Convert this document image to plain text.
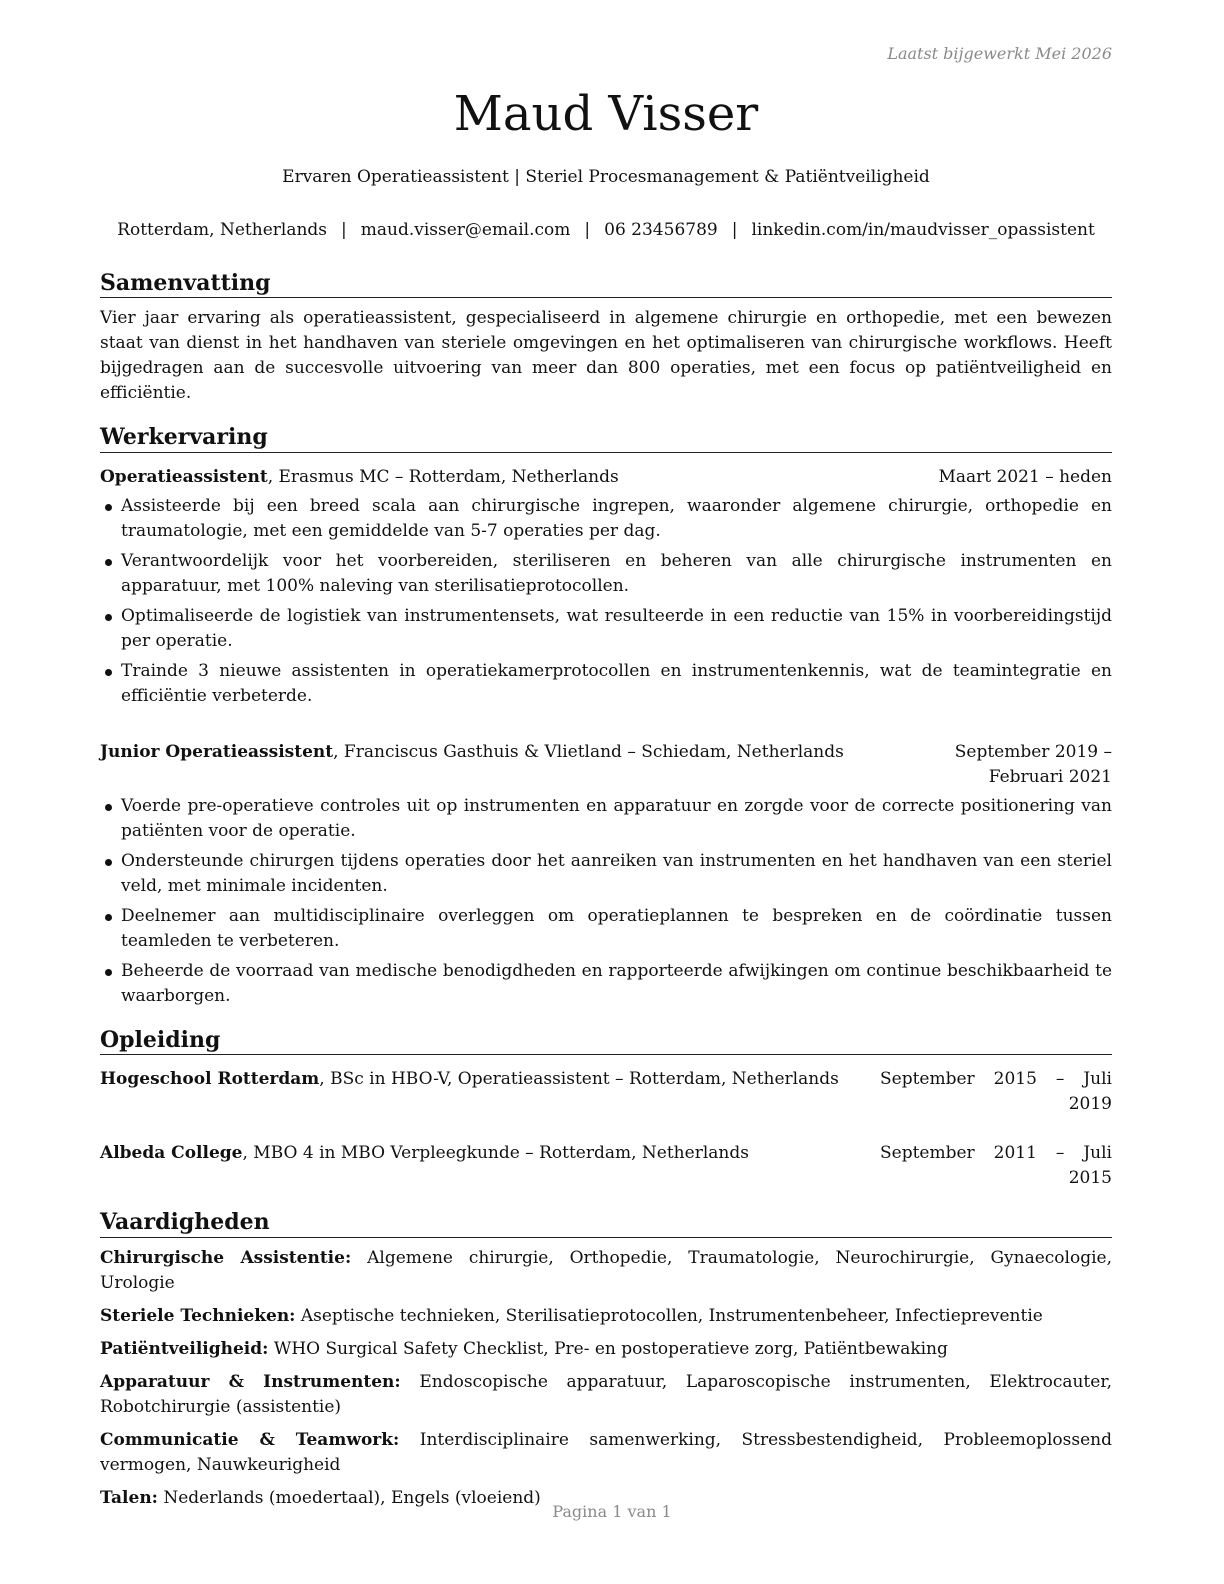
Laatst bijgewerkt Mei 2026
Maud Visser
Ervaren Operatieassistent | Steriel Procesmanagement & Patiëntveiligheid
Rotterdam, Netherlands | maud.visser@email.com | 06 23456789 | linkedin.com/in/maudvisser_opassistent
Samenvatting

Vier jaar ervaring als operatieassistent, gespecialiseerd in algemene chirurgie en orthopedie, met een bewezen staat van dienst in het handhaven van steriele omgevingen en het optimaliseren van chirurgische workflows. Heeft bijgedragen aan de succesvolle uitvoering van meer dan 800 operaties, met een focus op patiëntveiligheid en efficiëntie.

Werkervaring
Operatieassistent, Erasmus MC – Rotterdam, Netherlands	Maart 2021 – heden
Assisteerde bij een breed scala aan chirurgische ingrepen, waaronder algemene chirurgie, orthopedie en traumatologie, met een gemiddelde van 5-7 operaties per dag.
Verantwoordelijk voor het voorbereiden, steriliseren en beheren van alle chirurgische instrumenten en apparatuur, met 100% naleving van sterilisatieprotocollen.
Optimaliseerde de logistiek van instrumentensets, wat resulteerde in een reductie van 15% in voorbereidingstijd per operatie.
Trainde 3 nieuwe assistenten in operatiekamerprotocollen en instrumentenkennis, wat de teamintegratie en efficiëntie verbeterde.
Junior Operatieassistent, Franciscus Gasthuis & Vlietland – Schiedam, Netherlands	September 2019 – Februari 2021
Voerde pre-operatieve controles uit op instrumenten en apparatuur en zorgde voor de correcte positionering van patiënten voor de operatie.
Ondersteunde chirurgen tijdens operaties door het aanreiken van instrumenten en het handhaven van een steriel veld, met minimale incidenten.
Deelnemer aan multidisciplinaire overleggen om operatieplannen te bespreken en de coördinatie tussen teamleden te verbeteren.
Beheerde de voorraad van medische benodigdheden en rapporteerde afwijkingen om continue beschikbaarheid te waarborgen.
Opleiding
Hogeschool Rotterdam, BSc in HBO-V, Operatieassistent – Rotterdam, Netherlands	September 2015 – Juli 2019
Albeda College, MBO 4 in MBO Verpleegkunde – Rotterdam, Netherlands	September 2011 – Juli 2015
Vaardigheden
Chirurgische Assistentie: Algemene chirurgie, Orthopedie, Traumatologie, Neurochirurgie, Gynaecologie, Urologie
Steriele Technieken: Aseptische technieken, Sterilisatieprotocollen, Instrumentenbeheer, Infectiepreventie
Patiëntveiligheid: WHO Surgical Safety Checklist, Pre- en postoperatieve zorg, Patiëntbewaking
Apparatuur & Instrumenten: Endoscopische apparatuur, Laparoscopische instrumenten, Elektrocauter, Robotchirurgie (assistentie)
Communicatie & Teamwork: Interdisciplinaire samenwerking, Stressbestendigheid, Probleemoplossend vermogen, Nauwkeurigheid
Talen: Nederlands (moedertaal), Engels (vloeiend)
Pagina 1 van 1
